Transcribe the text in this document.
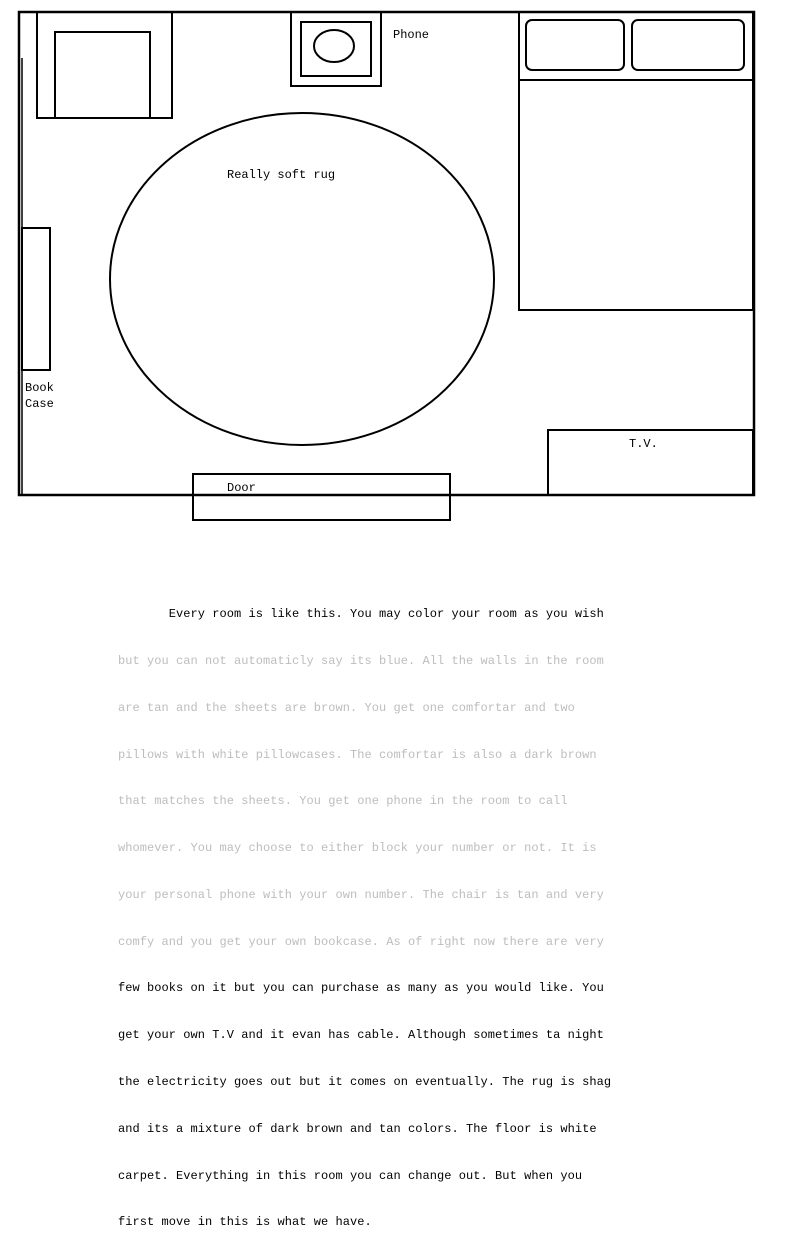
Phone
Really soft rug
Book
Case
T.V.
Door

Every room is like this. You may color your room as you wish

but you can not automaticly say its blue. All the walls in the room

are tan and the sheets are brown. You get one comfortar and two

pillows with white pillowcases. The comfortar is also a dark brown

that matches the sheets. You get one phone in the room to call

whomever. You may choose to either block your number or not. It is

your personal phone with your own number. The chair is tan and very

comfy and you get your own bookcase. As of right now there are very

few books on it but you can purchase as many as you would like. You

get your own T.V and it evan has cable. Although sometimes ta night

the electricity goes out but it comes on eventually. The rug is shag

and its a mixture of dark brown and tan colors. The floor is white

carpet. Everything in this room you can change out. But when you

first move in this is what we have.
